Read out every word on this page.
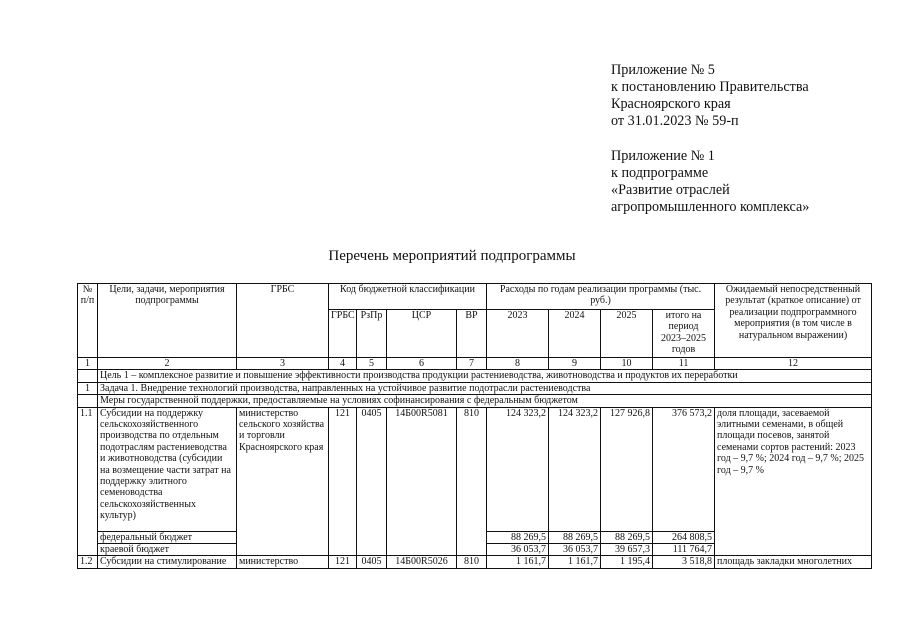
Приложение № 5
к постановлению Правительства
Красноярского края
от 31.01.2023 № 59-п
Приложение № 1
к подпрограмме
«Развитие отраслей
агропромышленного комплекса»
Перечень мероприятий подпрограммы
№ п/п	Цели, задачи, мероприятия подпрограммы	ГРБС	Код бюджетной классификации				Расходы по годам реализации программы (тыс. руб.)				Ожидаемый непосредственный результат (краткое описание) от реализации подпрограммного мероприятия (в том числе в натуральном выражении)
			ГРБС	РзПр	ЦСР	ВР	2023	2024	2025	итого на период 2023–2025 годов	
1	2	3	4	5	6	7	8	9	10	11	12
	Цель 1 – комплексное развитие и повышение эффективности производства продукции растениеводства, животноводства и продуктов их переработки										
1	Задача 1. Внедрение технологий производства, направленных на устойчивое развитие подотрасли растениеводства										
	Меры государственной поддержки, предоставляемые на условиях софинансирования с федеральным бюджетом										
1.1	Субсидии на поддержку сельскохозяйственного производства по отдельным подотраслям растениеводства и животноводства (субсидии на возмещение части затрат на поддержку элитного семеноводства сельскохозяйственных культур)	министерство сельского хозяйства и торговли Красноярского края	121	0405	14Б00R5081	810	124 323,2	124 323,2	127 926,8	376 573,2	доля площади, засеваемой элитными семенами, в общей площади посевов, занятой семенами сортов растений: 2023 год – 9,7 %; 2024 год – 9,7 %; 2025 год – 9,7 %
	федеральный бюджет						88 269,5	88 269,5	88 269,5	264 808,5	
	краевой бюджет						36 053,7	36 053,7	39 657,3	111 764,7	
1.2	Субсидии на стимулирование	министерство	121	0405	14Б00R5026	810	1 161,7	1 161,7	1 195,4	3 518,8	площадь закладки многолетних
